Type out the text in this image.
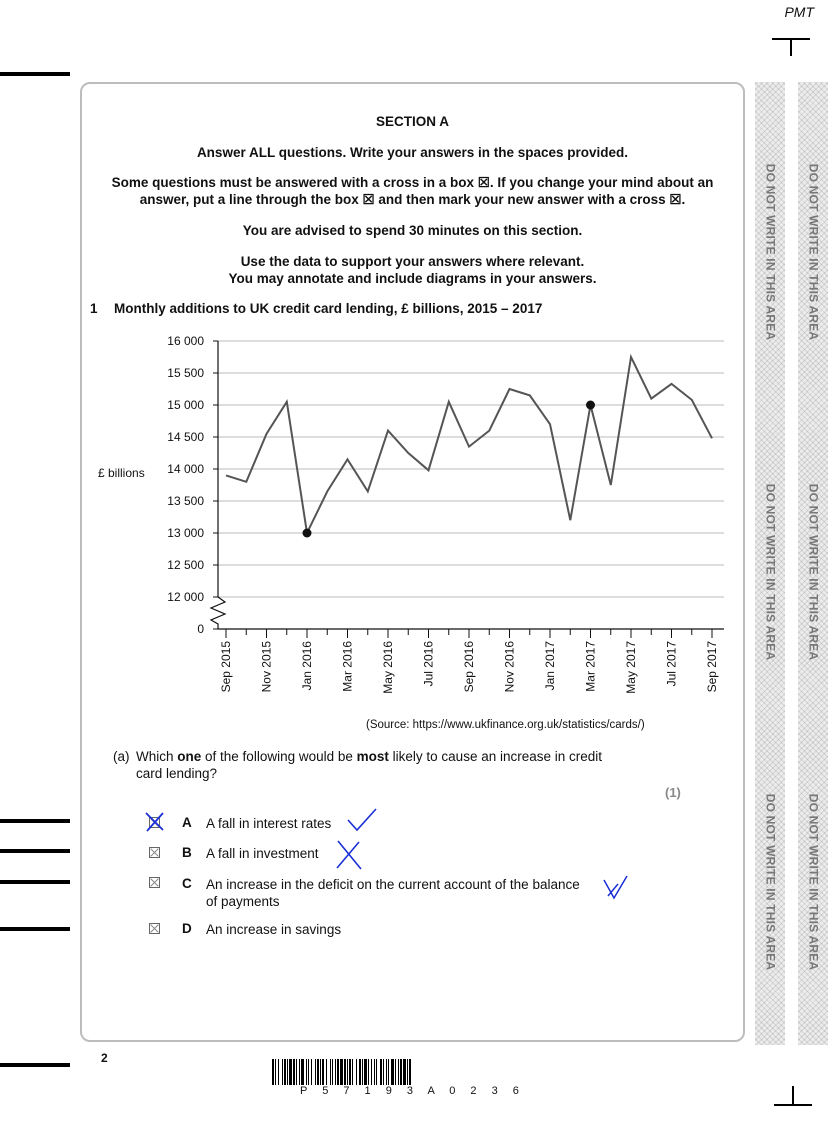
PMT
DO NOT WRITE IN THIS AREA
DO NOT WRITE IN THIS AREA
DO NOT WRITE IN THIS AREA
DO NOT WRITE IN THIS AREA
DO NOT WRITE IN THIS AREA
DO NOT WRITE IN THIS AREA
SECTION A
Answer ALL questions. Write your answers in the spaces provided.
Some questions must be answered with a cross in a box ☒. If you change your mind about an
answer, put a line through the box ☒ and then mark your new answer with a cross ☒.
You are advised to spend 30 minutes on this section.
Use the data to support your answers where relevant.
You may annotate and include diagrams in your answers.
1 Monthly additions to UK credit card lending, £ billions, 2015 – 2017
16 000
15 500
15 000
14 500
14 000
13 500
13 000
12 500
12 000
0
£ billions
Sep 2015 Nov 2015 Jan 2016 Mar 2016 May 2016 Jul 2016 Sep 2016 Nov 2016 Jan 2017 Mar 2017 May 2017 Jul 2017 Sep 2017
(Source: https://www.ukfinance.org.uk/statistics/cards/)
(a) Which one of the following would be most likely to cause an increase in credit
card lending?
(1)
A A fall in interest rates
B A fall in investment
C An increase in the deficit on the current account of the balance
of payments
D An increase in savings
2
P 5 7 1 9 3 A 0 2 3 6
